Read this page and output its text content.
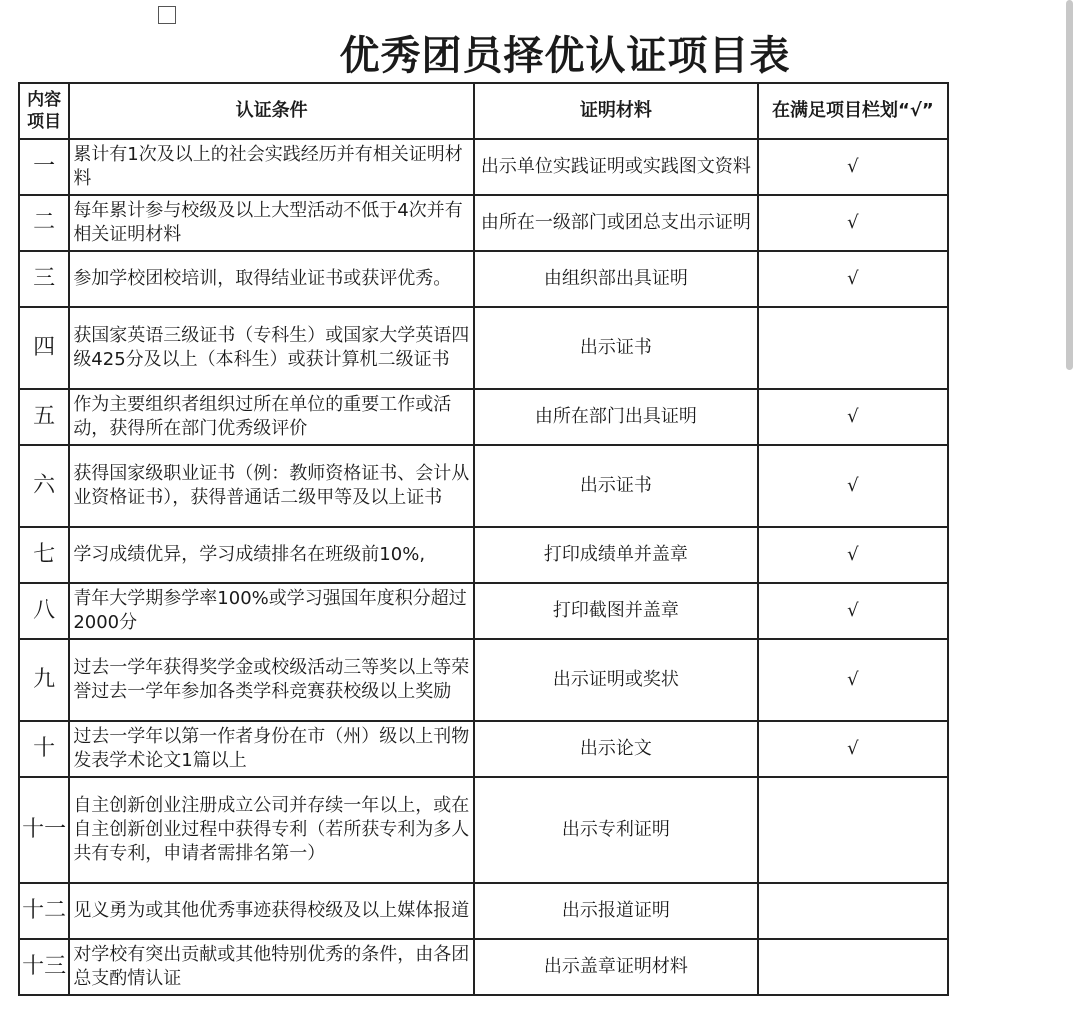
优秀团员择优认证项目表
内容项目	认证条件	证明材料	在满足项目栏划“√”
一	累计有1次及以上的社会实践经历并有相关证明材料	出示单位实践证明或实践图文资料	√
二	每年累计参与校级及以上大型活动不低于4次并有相关证明材料	由所在一级部门或团总支出示证明	√
三	参加学校团校培训，取得结业证书或获评优秀。	由组织部出具证明	√
四	获国家英语三级证书（专科生）或国家大学英语四级425分及以上（本科生）或获计算机二级证书	出示证书	
五	作为主要组织者组织过所在单位的重要工作或活动，获得所在部门优秀级评价	由所在部门出具证明	√
六	获得国家级职业证书（例：教师资格证书、会计从业资格证书），获得普通话二级甲等及以上证书	出示证书	√
七	学习成绩优异，学习成绩排名在班级前10%,	打印成绩单并盖章	√
八	青年大学期参学率100%或学习强国年度积分超过2000分	打印截图并盖章	√
九	过去一学年获得奖学金或校级活动三等奖以上等荣誉过去一学年参加各类学科竞赛获校级以上奖励	出示证明或奖状	√
十	过去一学年以第一作者身份在市（州）级以上刊物发表学术论文1篇以上	出示论文	√
十一	自主创新创业注册成立公司并存续一年以上，或在自主创新创业过程中获得专利（若所获专利为多人共有专利，申请者需排名第一）	出示专利证明	
十二	见义勇为或其他优秀事迹获得校级及以上媒体报道	出示报道证明	
十三	对学校有突出贡献或其他特别优秀的条件，由各团总支酌情认证	出示盖章证明材料	
